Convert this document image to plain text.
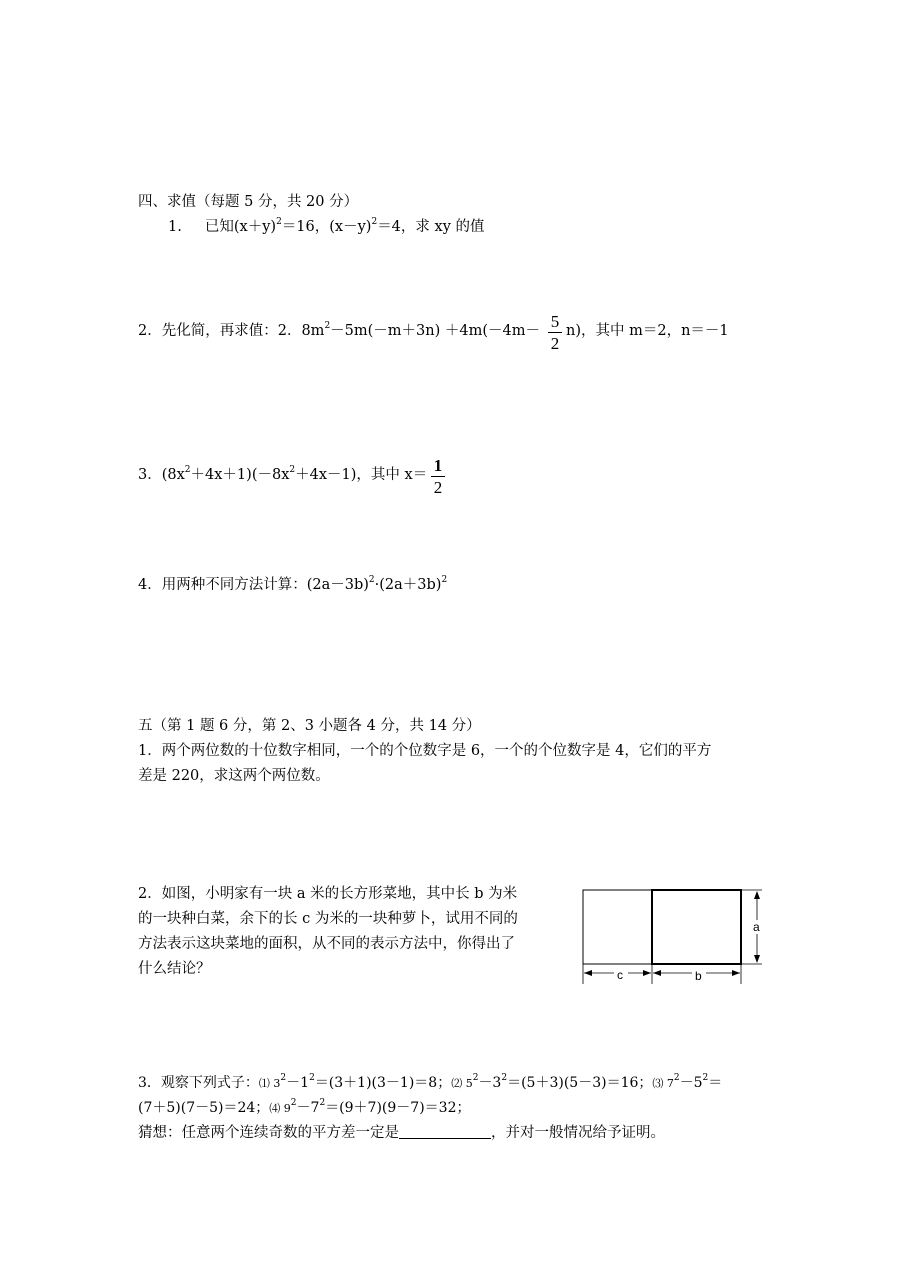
四、求值（每题 5 分，共 20 分）
1. 已知$(x+y)^2=16$，$(x-y)^2=4$，求 xy 的值
2．先化简，再求值：2．$8m^2-5m(-m+3n) +4m(-4m- 5$
2
n)，其中 m＝2，n＝－1
3．$(8x^2+4x+1)(-8x^2+4x-1)$，其中 x＝ 1
2
4．用两种不同方法计算：$(2a-3b)^2\cdot(2a+3b)^2$
五（第 1 题 6 分，第 2、3 小题各 4 分，共 14 分）
1．两个两位数的十位数字相同，一个的个位数字是 6，一个的个位数字是 4，它们的平方
差是 220，求这两个两位数。
2．如图，小明家有一块 a 米的长方形菜地，其中长 b 为米
的一块种白菜，余下的长 c 为米的一块种萝卜，试用不同的
方法表示这块菜地的面积，从不同的表示方法中，你得出了
什么结论？
a
c	b
3．观察下列式子：⑴ $3^2-1^2=(3+1)(3-1)=8$；⑵ $5^2-3^2=(5+3)(5-3)=16$；⑶ $7^2-5^2=$
(7＋5)(7－5)＝24；⑷ $9^2-7^2=(9+7)(9-7)=32$；
猜想：任意两个连续奇数的平方差一定是	，并对一般情况给予证明。
